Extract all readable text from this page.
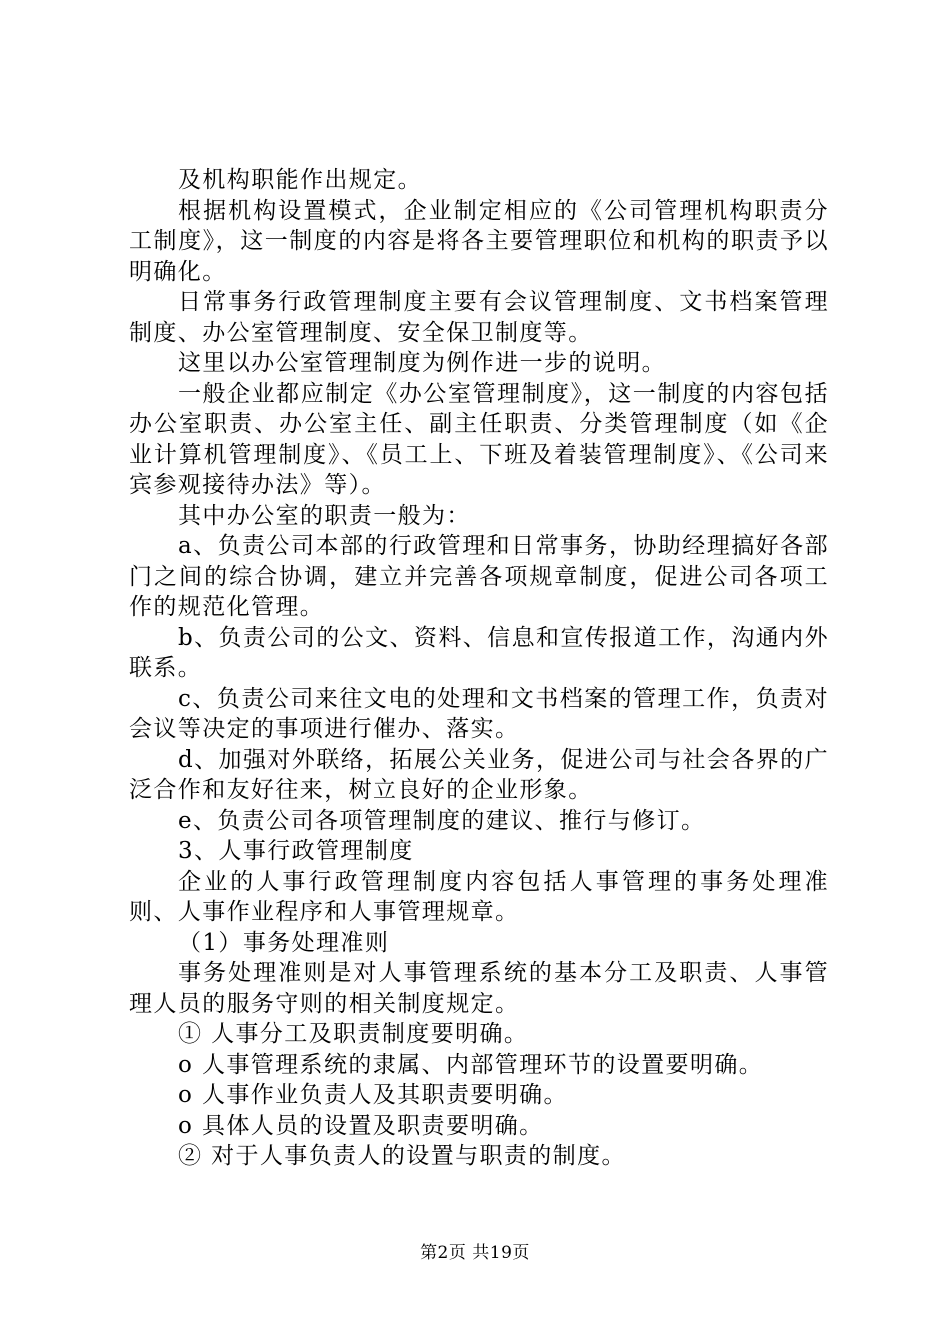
及机构职能作出规定。

根据机构设置模式，企业制定相应的《公司管理机构职责分工制度》，这一制度的内容是将各主要管理职位和机构的职责予以明确化。

日常事务行政管理制度主要有会议管理制度、文书档案管理制度、办公室管理制度、安全保卫制度等。

这里以办公室管理制度为例作进一步的说明。

一般企业都应制定《办公室管理制度》，这一制度的内容包括办公室职责、办公室主任、副主任职责、分类管理制度（如《企业计算机管理制度》、《员工上、下班及着装管理制度》、《公司来宾参观接待办法》等）。

其中办公室的职责一般为：

a、负责公司本部的行政管理和日常事务，协助经理搞好各部门之间的综合协调，建立并完善各项规章制度，促进公司各项工作的规范化管理。

b、负责公司的公文、资料、信息和宣传报道工作，沟通内外联系。

c、负责公司来往文电的处理和文书档案的管理工作，负责对会议等决定的事项进行催办、落实。

d、加强对外联络，拓展公关业务，促进公司与社会各界的广泛合作和友好往来，树立良好的企业形象。

e、负责公司各项管理制度的建议、推行与修订。

3、人事行政管理制度

企业的人事行政管理制度内容包括人事管理的事务处理准则、人事作业程序和人事管理规章。

（1）事务处理准则

事务处理准则是对人事管理系统的基本分工及职责、人事管理人员的服务守则的相关制度规定。

① 人事分工及职责制度要明确。

o 人事管理系统的隶属、内部管理环节的设置要明确。

o 人事作业负责人及其职责要明确。

o 具体人员的设置及职责要明确。

② 对于人事负责人的设置与职责的制度。

第2页 共19页
